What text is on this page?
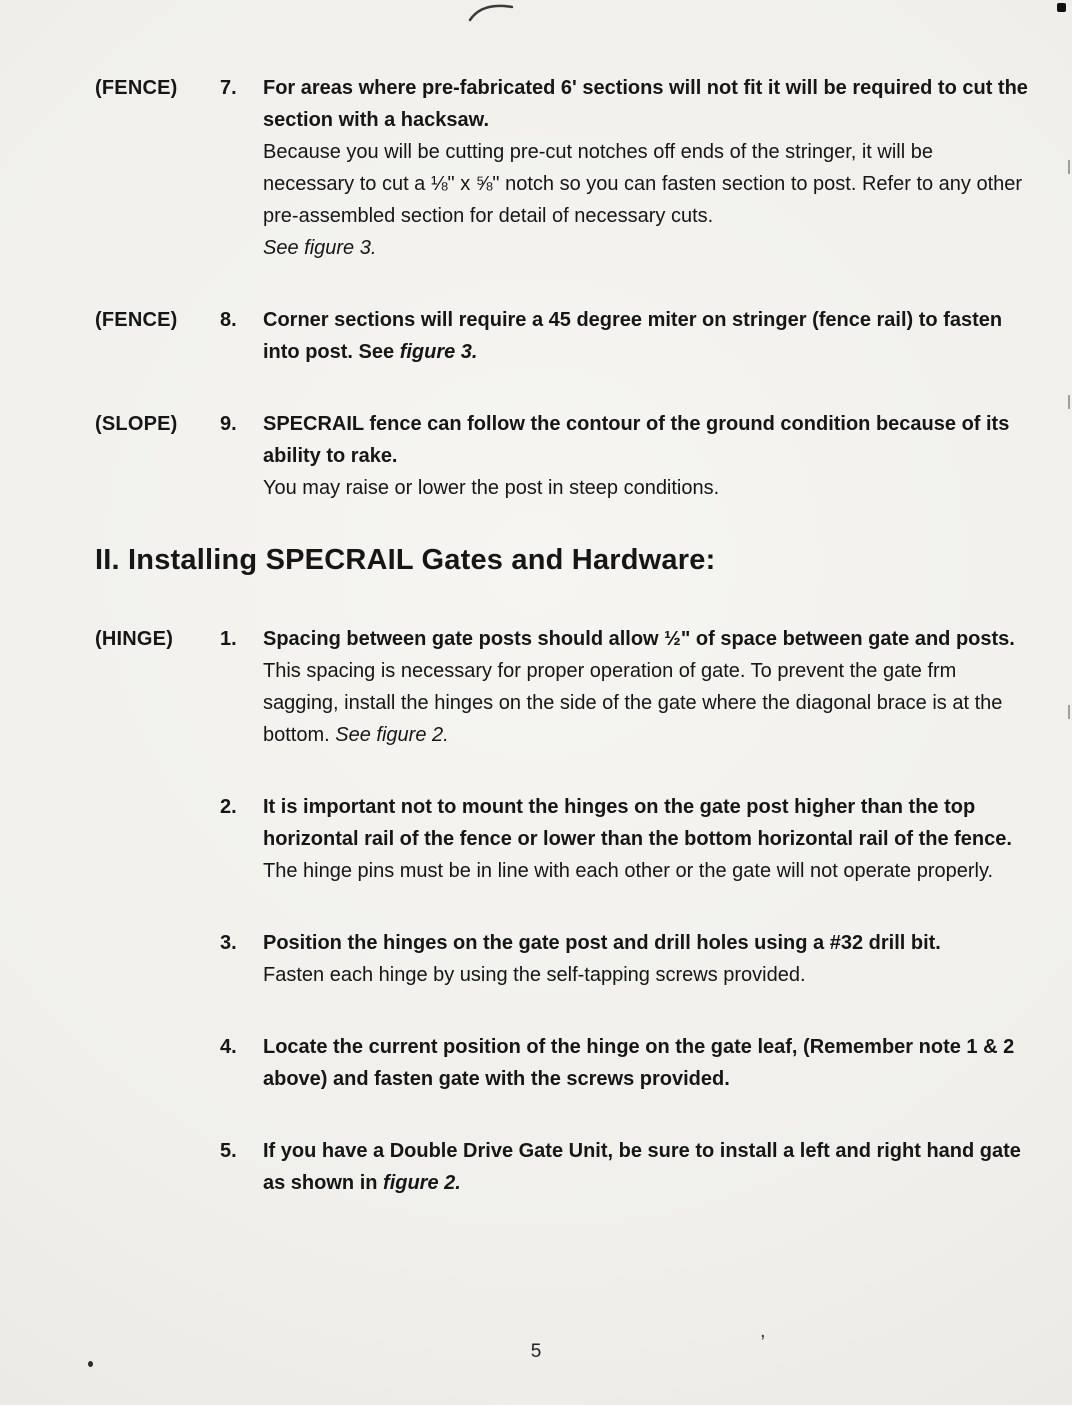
,
(FENCE)	7.	For areas where pre-fabricated 6' sections will not fit it will be required to cut the section with a hacksaw.
Because you will be cutting pre-cut notches off ends of the stringer, it will be necessary to cut a ⅛" x ⅝" notch so you can fasten section to post. Refer to any other pre-assembled section for detail of necessary cuts.
See figure 3.
(FENCE)	8.	Corner sections will require a 45 degree miter on stringer (fence rail) to fasten into post. See figure 3.
(SLOPE)	9.	SPECRAIL fence can follow the contour of the ground condition because of its ability to rake.
You may raise or lower the post in steep conditions.
II. Installing SPECRAIL Gates and Hardware:
(HINGE)	1.	Spacing between gate posts should allow ½" of space between gate and posts.
This spacing is necessary for proper operation of gate. To prevent the gate frm sagging, install the hinges on the side of the gate where the diagonal brace is at the bottom. See figure 2.
2.	It is important not to mount the hinges on the gate post higher than the top horizontal rail of the fence or lower than the bottom horizontal rail of the fence.
The hinge pins must be in line with each other or the gate will not operate properly.
3.	Position the hinges on the gate post and drill holes using a #32 drill bit.
Fasten each hinge by using the self-tapping screws provided.
4.	Locate the current position of the hinge on the gate leaf, (Remember note 1 & 2 above) and fasten gate with the screws provided.
5.	If you have a Double Drive Gate Unit, be sure to install a left and right hand gate as shown in figure 2.
5
